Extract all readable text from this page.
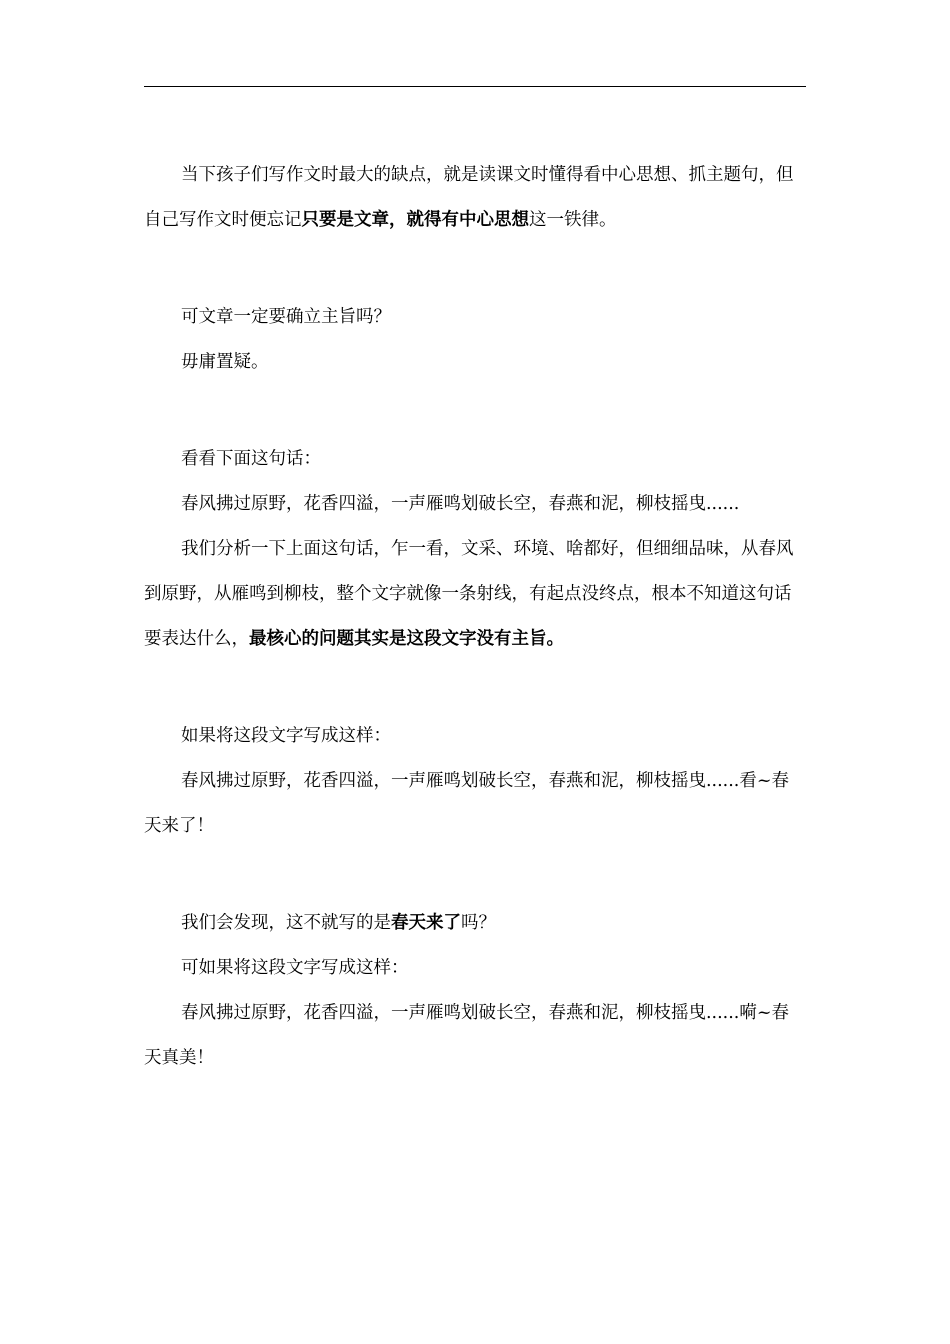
当下孩子们写作文时最大的缺点，就是读课文时懂得看中心思想、抓主题句，但自己写作文时便忘记只要是文章，就得有中心思想这一铁律。

可文章一定要确立主旨吗？

毋庸置疑。

看看下面这句话：

春风拂过原野，花香四溢，一声雁鸣划破长空，春燕和泥，柳枝摇曳......

我们分析一下上面这句话，乍一看，文采、环境、啥都好，但细细品味，从春风到原野，从雁鸣到柳枝，整个文字就像一条射线，有起点没终点，根本不知道这句话要表达什么，最核心的问题其实是这段文字没有主旨。

如果将这段文字写成这样：

春风拂过原野，花香四溢，一声雁鸣划破长空，春燕和泥，柳枝摇曳......看~春天来了！

我们会发现，这不就写的是春天来了吗？

可如果将这段文字写成这样：

春风拂过原野，花香四溢，一声雁鸣划破长空，春燕和泥，柳枝摇曳......嗬~春天真美！
